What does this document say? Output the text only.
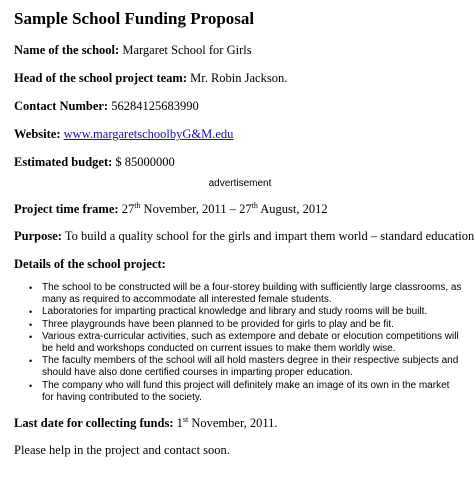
Sample School Funding Proposal
Name of the school: Margaret School for Girls
Head of the school project team: Mr. Robin Jackson.
Contact Number: 56284125683990
Website: www.margaretschoolbyG&M.edu
Estimated budget: $ 85000000
advertisement
Project time frame: 27th November, 2011 – 27th August, 2012
Purpose: To build a quality school for the girls and impart them world – standard education
Details of the school project:
• The school to be constructed will be a four-storey building with sufficiently large classrooms, as
many as required to accommodate all interested female students.
• Laboratories for imparting practical knowledge and library and study rooms will be built.
• Three playgrounds have been planned to be provided for girls to play and be fit.
• Various extra-curricular activities, such as extempore and debate or elocution competitions will
be held and workshops conducted on current issues to make them worldly wise.
• The faculty members of the school will all hold masters degree in their respective subjects and
should have also done certified courses in imparting proper education.
• The company who will fund this project will definitely make an image of its own in the market
for having contributed to the society.
Last date for collecting funds: 1st November, 2011.
Please help in the project and contact soon.
